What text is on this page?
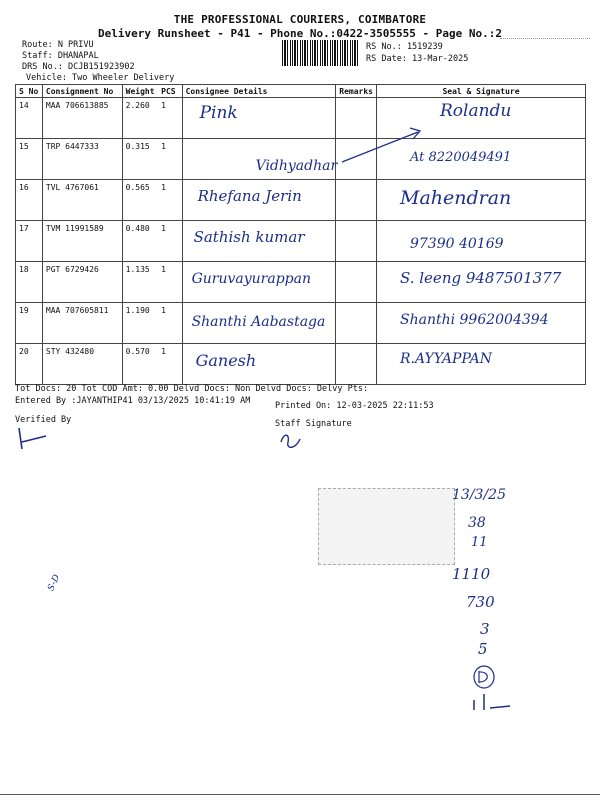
THE PROFESSIONAL COURIERS, COIMBATORE
Delivery Runsheet - P41 - Phone No.:0422-3505555 - Page No.:2
Route: N PRIVU
Staff: DHANAPAL
DRS No.: DCJB151923902
Vehicle: Two Wheeler Delivery
RS No.: 1519239
RS Date: 13-Mar-2025
S No	Consignment No	Weight	PCS	Consignee Details	Remarks	Seal & Signature
14	MAA 706613885	2.260	1	Pink		Rolandu
15	TRP 6447333	0.315	1	Vidhyadhar		At 8220049491
16	TVL 4767061	0.565	1	Rhefana Jerin		Mahendran
17	TVM 11991589	0.480	1	Sathish kumar		97390 40169
18	PGT 6729426	1.135	1	Guruvayurappan		S. leeng 9487501377
19	MAA 707605811	1.190	1	Shanthi Aabastaga		Shanthi 9962004394
20	STY 432480	0.570	1	Ganesh		R.AYYAPPAN
Tot Docs: 20 Tot COD Amt: 0.00 Delvd Docs: Non Delvd Docs: Delvy Pts:
Entered By :JAYANTHIP41 03/13/2025 10:41:19 AM	Printed On: 12-03-2025 22:11:53
Verified By	Staff Signature
13/3/25
38
11
1110
730
3
5
S-D
